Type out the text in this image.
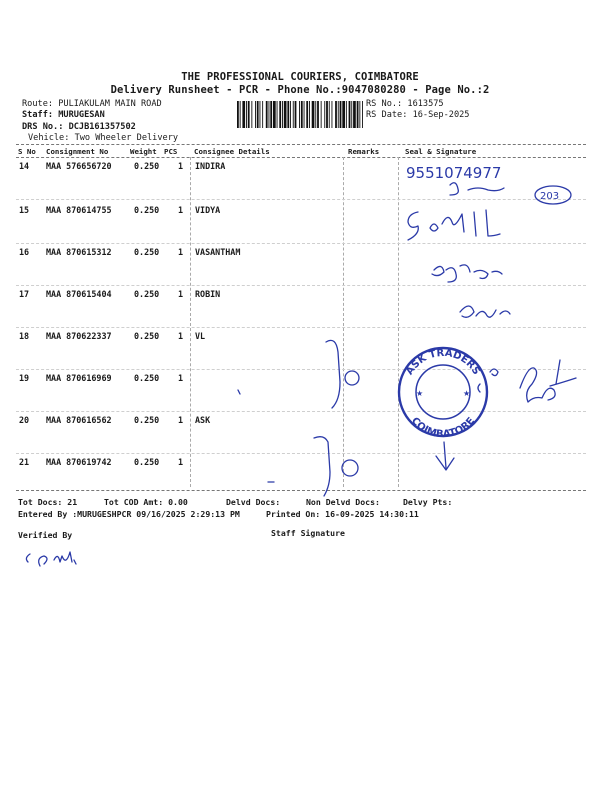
THE PROFESSIONAL COURIERS, COIMBATORE
Delivery Runsheet - PCR - Phone No.:9047080280 - Page No.:2
Route: PULIAKULAM MAIN ROAD
Staff: MURUGESAN
DRS No.: DCJB161357502
Vehicle: Two Wheeler Delivery
RS No.: 1613575
RS Date: 16-Sep-2025
S No Consignment No	Weight PCS Consignee Details	Remarks	Seal & Signature
14 MAA 576656720	0.250 1 INDIRA
15 MAA 870614755	0.250 1 VIDYA
16 MAA 870615312	0.250 1 VASANTHAM
17 MAA 870615404	0.250 1 ROBIN
18 MAA 870622337	0.250 1 VL
19 MAA 870616969	0.250 1
20 MAA 870616562	0.250 1 ASK
21 MAA 870619742	0.250 1
Tot Docs: 21	Tot COD Amt: 0.00	Delvd Docs:	Non Delvd Docs:	Delvy Pts:
Entered By :MURUGESHPCR 09/16/2025 2:29:13 PM	Printed On: 16-09-2025 14:30:11
Verified By	Staff Signature
9551074977
203
ASK TRADERS
COIMBATORE
★	★
